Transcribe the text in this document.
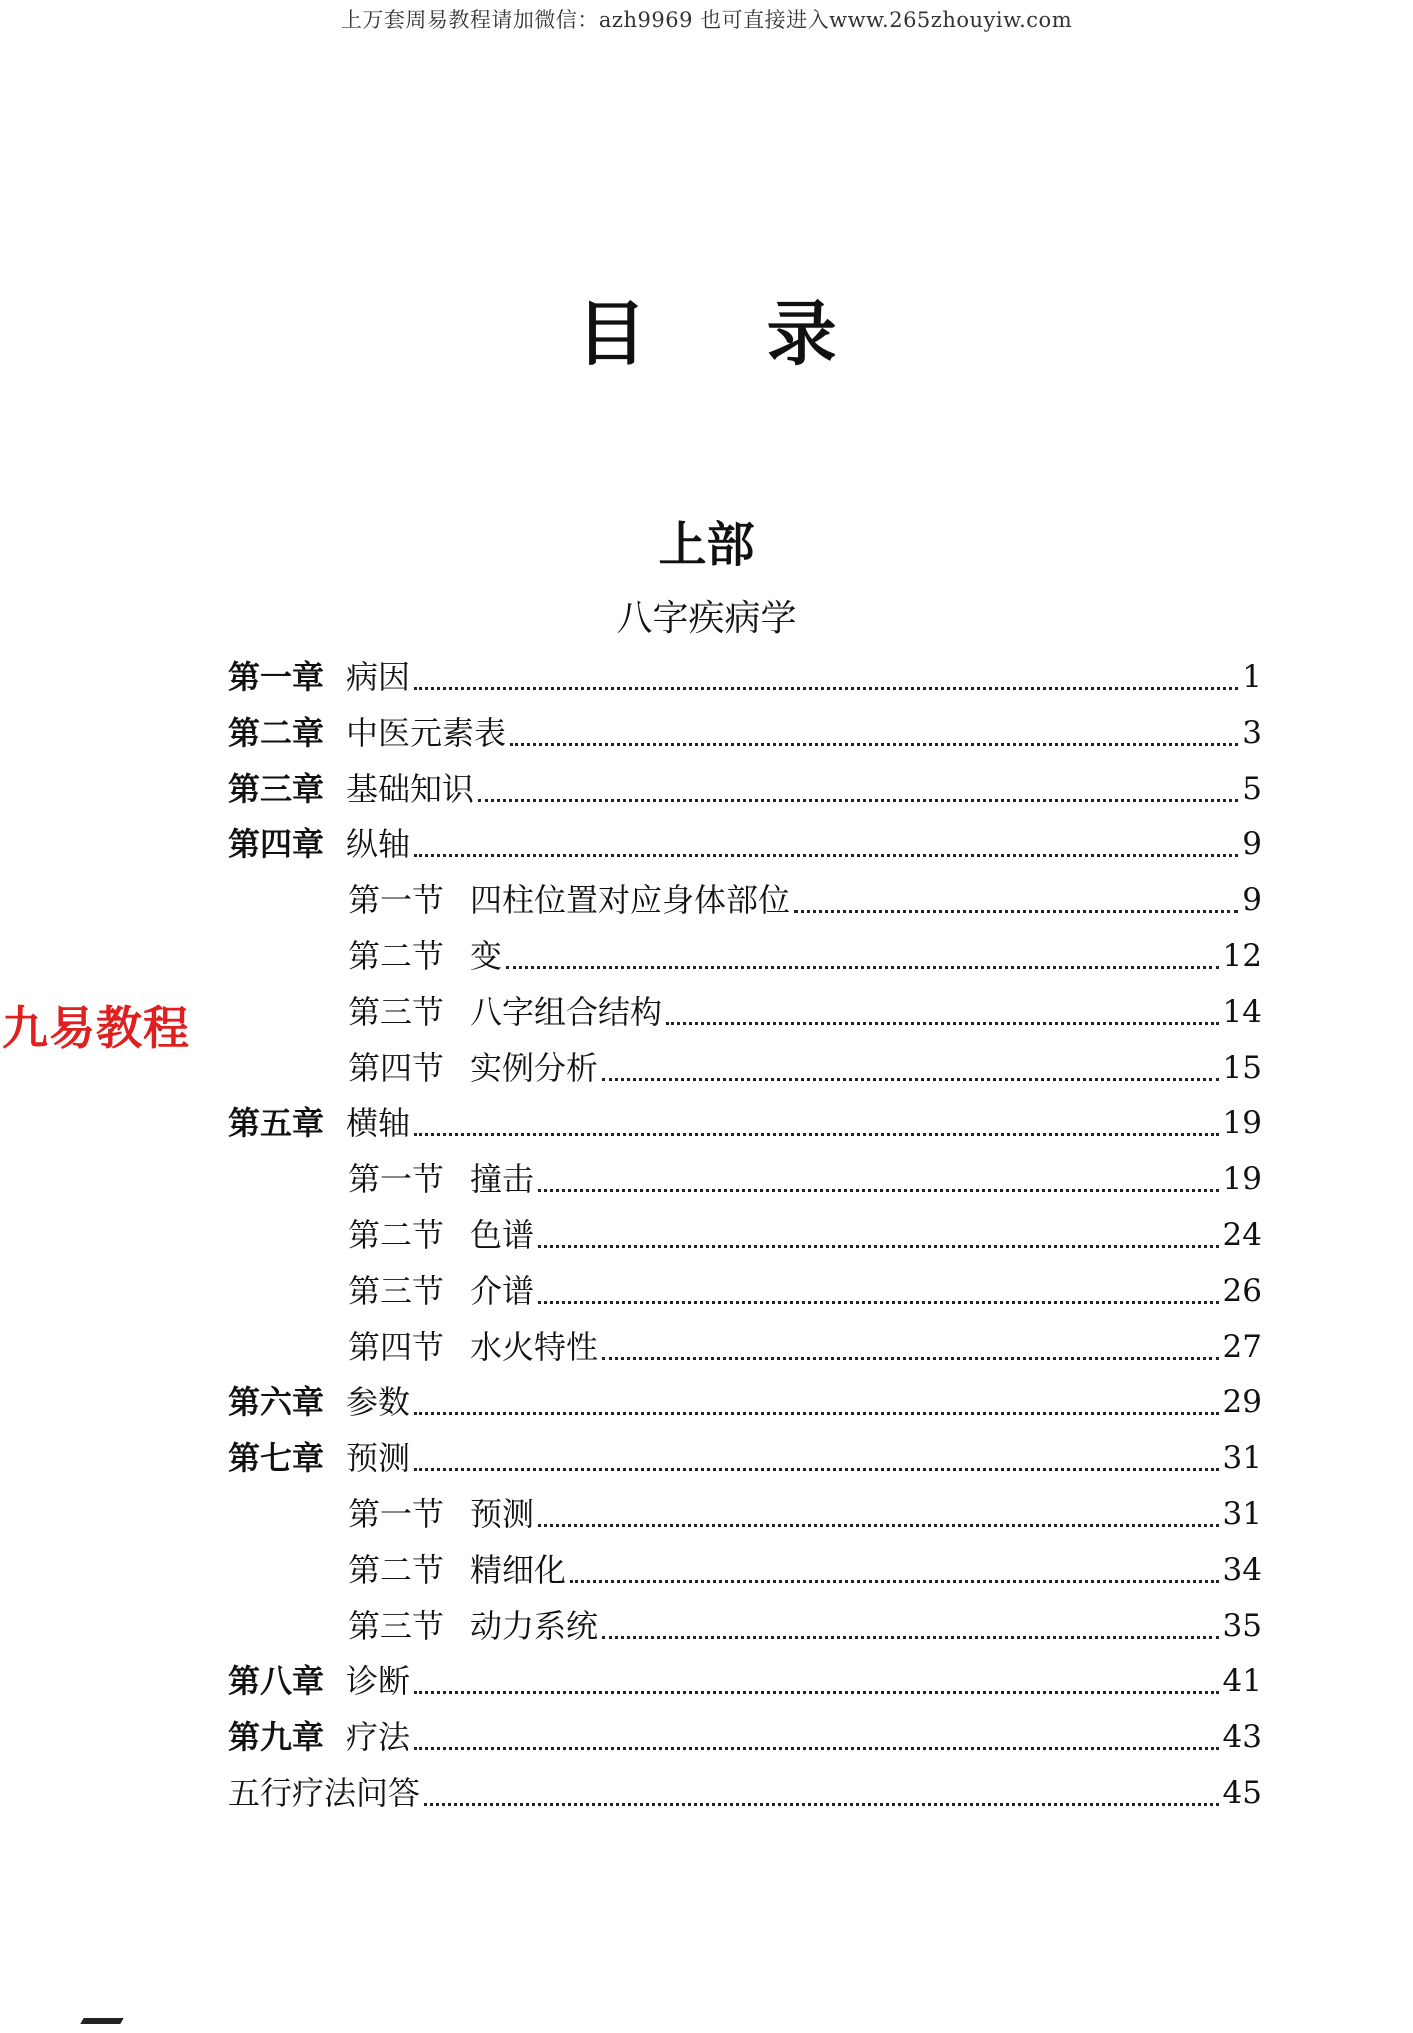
上万套周易教程请加微信：azh9969 也可直接进入www.265zhouyiw.com
九易教程
目 录
上部
八字疾病学
第一章 病因	1
第二章 中医元素表	3
第三章 基础知识	5
第四章 纵轴	9
第一节 四柱位置对应身体部位	9
第二节 变	12
第三节 八字组合结构	14
第四节 实例分析	15
第五章 横轴	19
第一节 撞击	19
第二节 色谱	24
第三节 介谱	26
第四节 水火特性	27
第六章 参数	29
第七章 预测	31
第一节 预测	31
第二节 精细化	34
第三节 动力系统	35
第八章 诊断	41
第九章 疗法	43
五行疗法问答	45
